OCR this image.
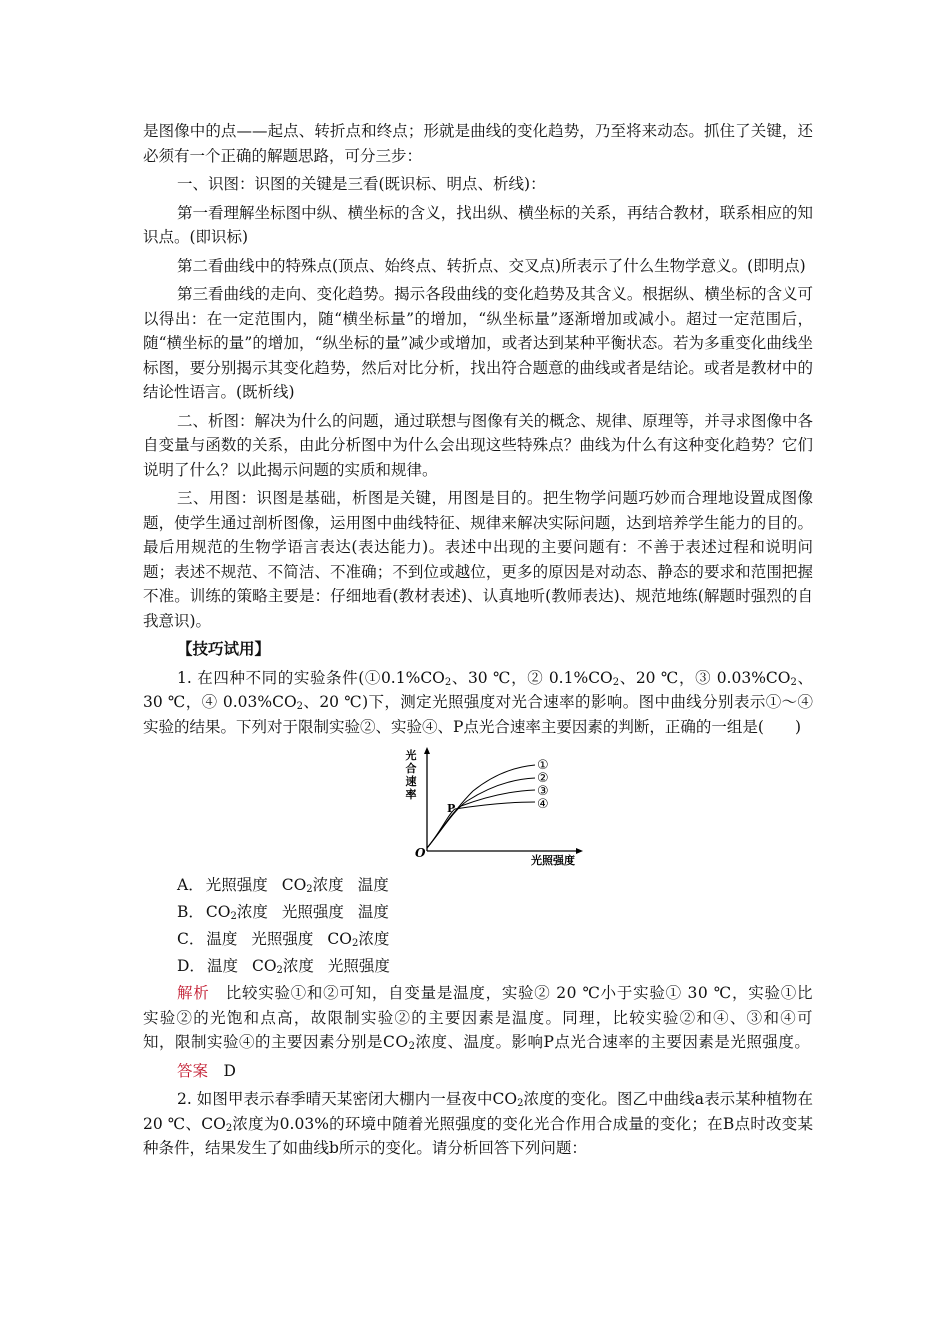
是图像中的点——起点、转折点和终点；形就是曲线的变化趋势，乃至将来动态。抓住了关键，还必须有一个正确的解题思路，可分三步：

一、识图：识图的关键是三看(既识标、明点、析线)：

第一看理解坐标图中纵、横坐标的含义，找出纵、横坐标的关系，再结合教材，联系相应的知识点。(即识标)

第二看曲线中的特殊点(顶点、始终点、转折点、交叉点)所表示了什么生物学意义。(即明点)

第三看曲线的走向、变化趋势。揭示各段曲线的变化趋势及其含义。根据纵、横坐标的含义可以得出：在一定范围内，随“横坐标量”的增加，“纵坐标量”逐渐增加或减小。超过一定范围后，随“横坐标的量”的增加，“纵坐标的量”减少或增加，或者达到某种平衡状态。若为多重变化曲线坐标图，要分别揭示其变化趋势，然后对比分析，找出符合题意的曲线或者是结论。或者是教材中的结论性语言。(既析线)

二、析图：解决为什么的问题，通过联想与图像有关的概念、规律、原理等，并寻求图像中各自变量与函数的关系，由此分析图中为什么会出现这些特殊点？曲线为什么有这种变化趋势？它们说明了什么？以此揭示问题的实质和规律。

三、用图：识图是基础，析图是关键，用图是目的。把生物学问题巧妙而合理地设置成图像题，使学生通过剖析图像，运用图中曲线特征、规律来解决实际问题，达到培养学生能力的目的。最后用规范的生物学语言表达(表达能力)。表述中出现的主要问题有：不善于表述过程和说明问题；表述不规范、不简洁、不准确；不到位或越位，更多的原因是对动态、静态的要求和范围把握不准。训练的策略主要是：仔细地看(教材表述)、认真地听(教师表达)、规范地练(解题时强烈的自我意识)。

【技巧试用】

1. 在四种不同的实验条件($①0.1\%CO_2$、30 ℃，② $0.1\%CO_2$、20 ℃，③ $0.03\%CO_2$、30 ℃，④ $0.03\%CO_2$、20 ℃)下，测定光照强度对光合速率的影响。图中曲线分别表示①～④实验的结果。下列对于限制实验②、实验④、P点光合速率主要因素的判断，正确的一组是(　　)

光
合
速
率
O
光照强度
P
①
②
③
④
A． 光照强度 $CO_2$浓度 温度
B． $CO_2$浓度 光照强度 温度
C． 温度 光照强度 $CO_2$浓度
D． 温度 $CO_2$浓度 光照强度

解析　比较实验①和②可知，自变量是温度，实验② 20 ℃小于实验① 30 ℃，实验①比实验②的光饱和点高，故限制实验②的主要因素是温度。同理，比较实验②和④、③和④可知，限制实验④的主要因素分别是$CO_2$浓度、温度。影响P点光合速率的主要因素是光照强度。

答案　D

2. 如图甲表示春季晴天某密闭大棚内一昼夜中$CO_2$浓度的变化。图乙中曲线a表示某种植物在20 ℃、$CO_2$浓度为0.03%的环境中随着光照强度的变化光合作用合成量的变化；在B点时改变某种条件，结果发生了如曲线b所示的变化。请分析回答下列问题：
